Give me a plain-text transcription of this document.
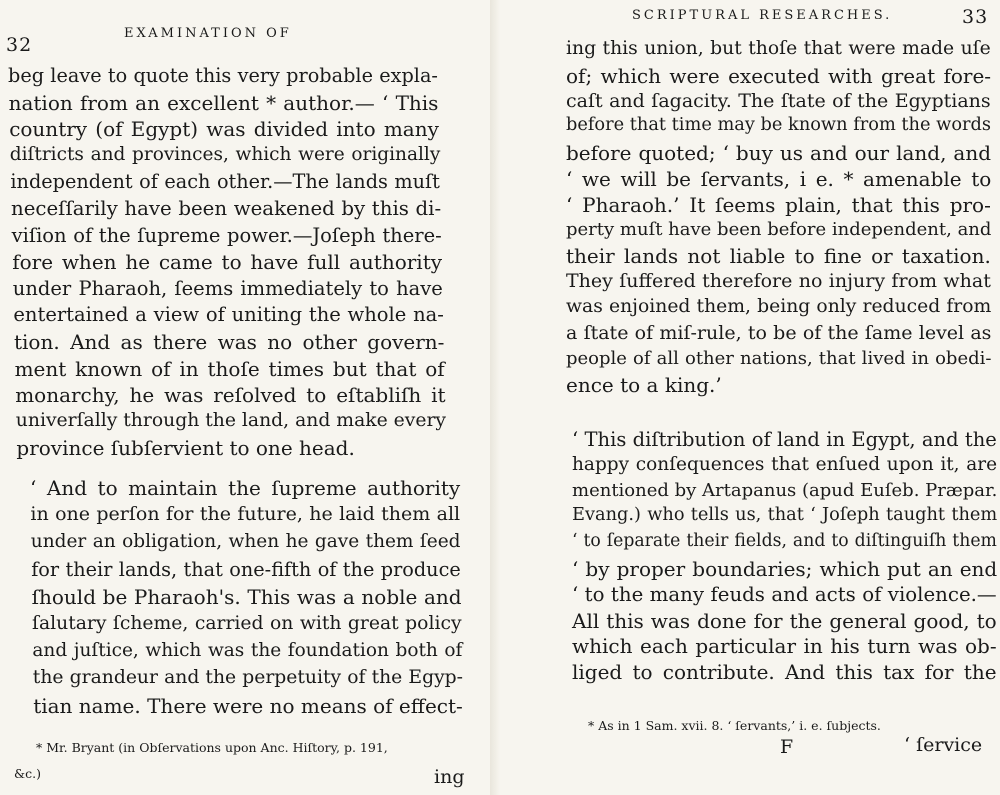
32
EXAMINATION OF
beg leave to quote this very probable expla-
nation from an excellent * author.— ‘ This
country (of Egypt) was divided into many
diſtricts and provinces, which were originally
independent of each other.—The lands muſt
neceſſarily have been weakened by this di-
viſion of the ſupreme power.—Joſeph there-
fore when he came to have full authority
under Pharaoh, ſeems immediately to have
entertained a view of uniting the whole na-
tion. And as there was no other govern-
ment known of in thoſe times but that of
monarchy, he was reſolved to eſtabliſh it
univerſally through the land, and make every
province ſubſervient to one head.
‘ And to maintain the ſupreme authority
in one perſon for the future, he laid them all
under an obligation, when he gave them ſeed
for their lands, that one-fifth of the produce
ſhould be Pharaoh's. This was a noble and
ſalutary ſcheme, carried on with great policy
and juſtice, which was the foundation both of
the grandeur and the perpetuity of the Egyp-
tian name. There were no means of effect-
* Mr. Bryant (in Obſervations upon Anc. Hiſtory, p. 191,
&c.)	ing
SCRIPTURAL RESEARCHES.	33
ing this union, but thoſe that were made uſe
of; which were executed with great fore-
caſt and ſagacity. The ſtate of the Egyptians
before that time may be known from the words
before quoted; ‘ buy us and our land, and
‘ we will be ſervants, i e. * amenable to
‘ Pharaoh.’ It ſeems plain, that this pro-
perty muſt have been before independent, and
their lands not liable to fine or taxation.
They ſuffered therefore no injury from what
was enjoined them, being only reduced from
a ſtate of miſ-rule, to be of the ſame level as
people of all other nations, that lived in obedi-
ence to a king.’
‘ This diſtribution of land in Egypt, and the
happy conſequences that enſued upon it, are
mentioned by Artapanus (apud Euſeb. Præpar.
Evang.) who tells us, that ‘ Joſeph taught them
‘ to ſeparate their fields, and to diſtinguiſh them
‘ by proper boundaries; which put an end
‘ to the many feuds and acts of violence.—
All this was done for the general good, to
which each particular in his turn was ob-
liged to contribute. And this tax for the
* As in 1 Sam. xvii. 8. ‘ ſervants,’ i. e. ſubjects.
F	‘ ſervice
